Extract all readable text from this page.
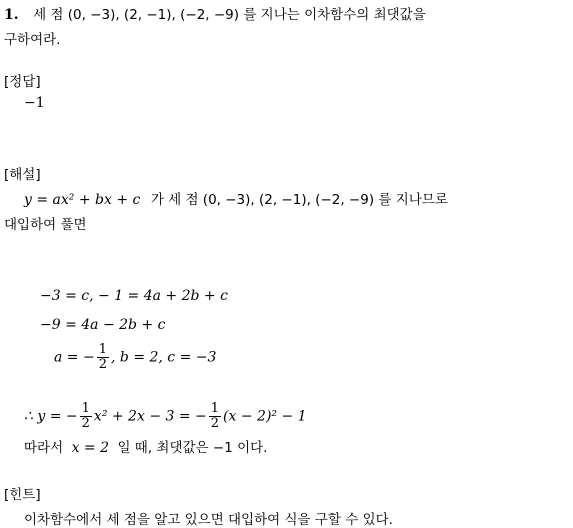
1. 세 점 (0, −3), (2, −1), (−2, −9) 를 지나는 이차함수의 최댓값을
구하여라.
[정답]
−1
[해설]
y = ax² + bx + c 가 세 점 (0, −3), (2, −1), (−2, −9) 를 지나므로
대입하여 풀면
−3 = c, − 1 = 4a + 2b + c
−9 = 4a − 2b + c
a = − $\frac{1}{2}$ , b = 2, c = −3
∴ y = − $\frac{1}{2} x^2 + 2x - 3$ = − $\frac{1}{2} (x - 2)^2 - 1$
따라서 x = 2 일 때, 최댓값은 −1 이다.
[힌트]
이차함수에서 세 점을 알고 있으면 대입하여 식을 구할 수 있다.
